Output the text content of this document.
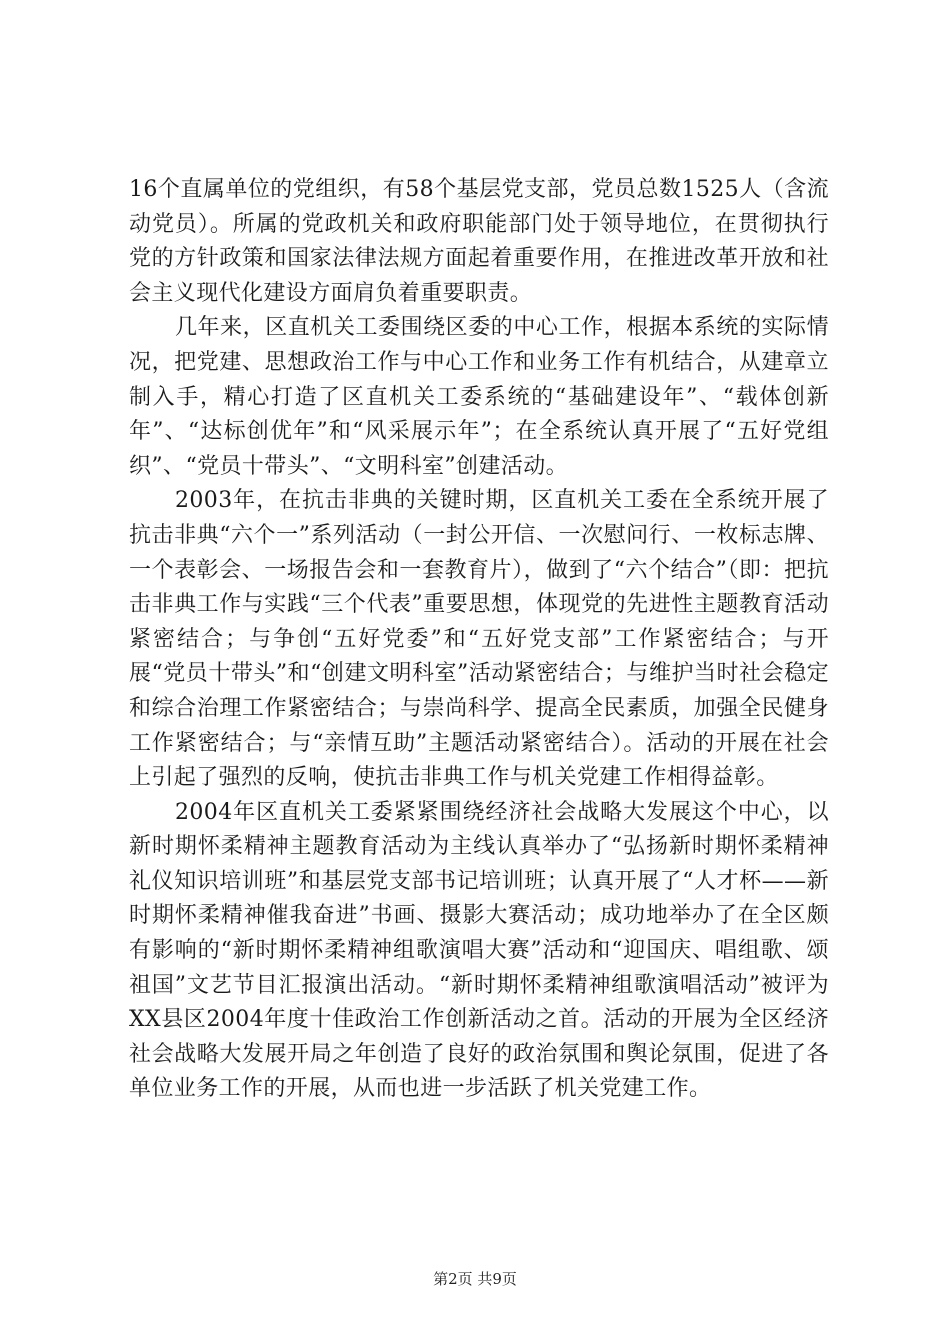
16个直属单位的党组织，有58个基层党支部，党员总数1525人（含流动党员）。所属的党政机关和政府职能部门处于领导地位，在贯彻执行党的方针政策和国家法律法规方面起着重要作用，在推进改革开放和社会主义现代化建设方面肩负着重要职责。

几年来，区直机关工委围绕区委的中心工作，根据本系统的实际情况，把党建、思想政治工作与中心工作和业务工作有机结合，从建章立制入手，精心打造了区直机关工委系统的“基础建设年”、“载体创新年”、“达标创优年”和“风采展示年”；在全系统认真开展了“五好党组织”、“党员十带头”、“文明科室”创建活动。

2003年，在抗击非典的关键时期，区直机关工委在全系统开展了抗击非典“六个一”系列活动（一封公开信、一次慰问行、一枚标志牌、一个表彰会、一场报告会和一套教育片），做到了“六个结合”（即：把抗击非典工作与实践“三个代表”重要思想，体现党的先进性主题教育活动紧密结合；与争创“五好党委”和“五好党支部”工作紧密结合；与开展“党员十带头”和“创建文明科室”活动紧密结合；与维护当时社会稳定和综合治理工作紧密结合；与崇尚科学、提高全民素质，加强全民健身工作紧密结合；与“亲情互助”主题活动紧密结合）。活动的开展在社会上引起了强烈的反响，使抗击非典工作与机关党建工作相得益彰。

2004年区直机关工委紧紧围绕经济社会战略大发展这个中心，以新时期怀柔精神主题教育活动为主线认真举办了“弘扬新时期怀柔精神礼仪知识培训班”和基层党支部书记培训班；认真开展了“人才杯——新时期怀柔精神催我奋进”书画、摄影大赛活动；成功地举办了在全区颇有影响的“新时期怀柔精神组歌演唱大赛”活动和“迎国庆、唱组歌、颂祖国”文艺节目汇报演出活动。“新时期怀柔精神组歌演唱活动”被评为XX县区2004年度十佳政治工作创新活动之首。活动的开展为全区经济社会战略大发展开局之年创造了良好的政治氛围和舆论氛围，促进了各单位业务工作的开展，从而也进一步活跃了机关党建工作。

第2页 共9页
